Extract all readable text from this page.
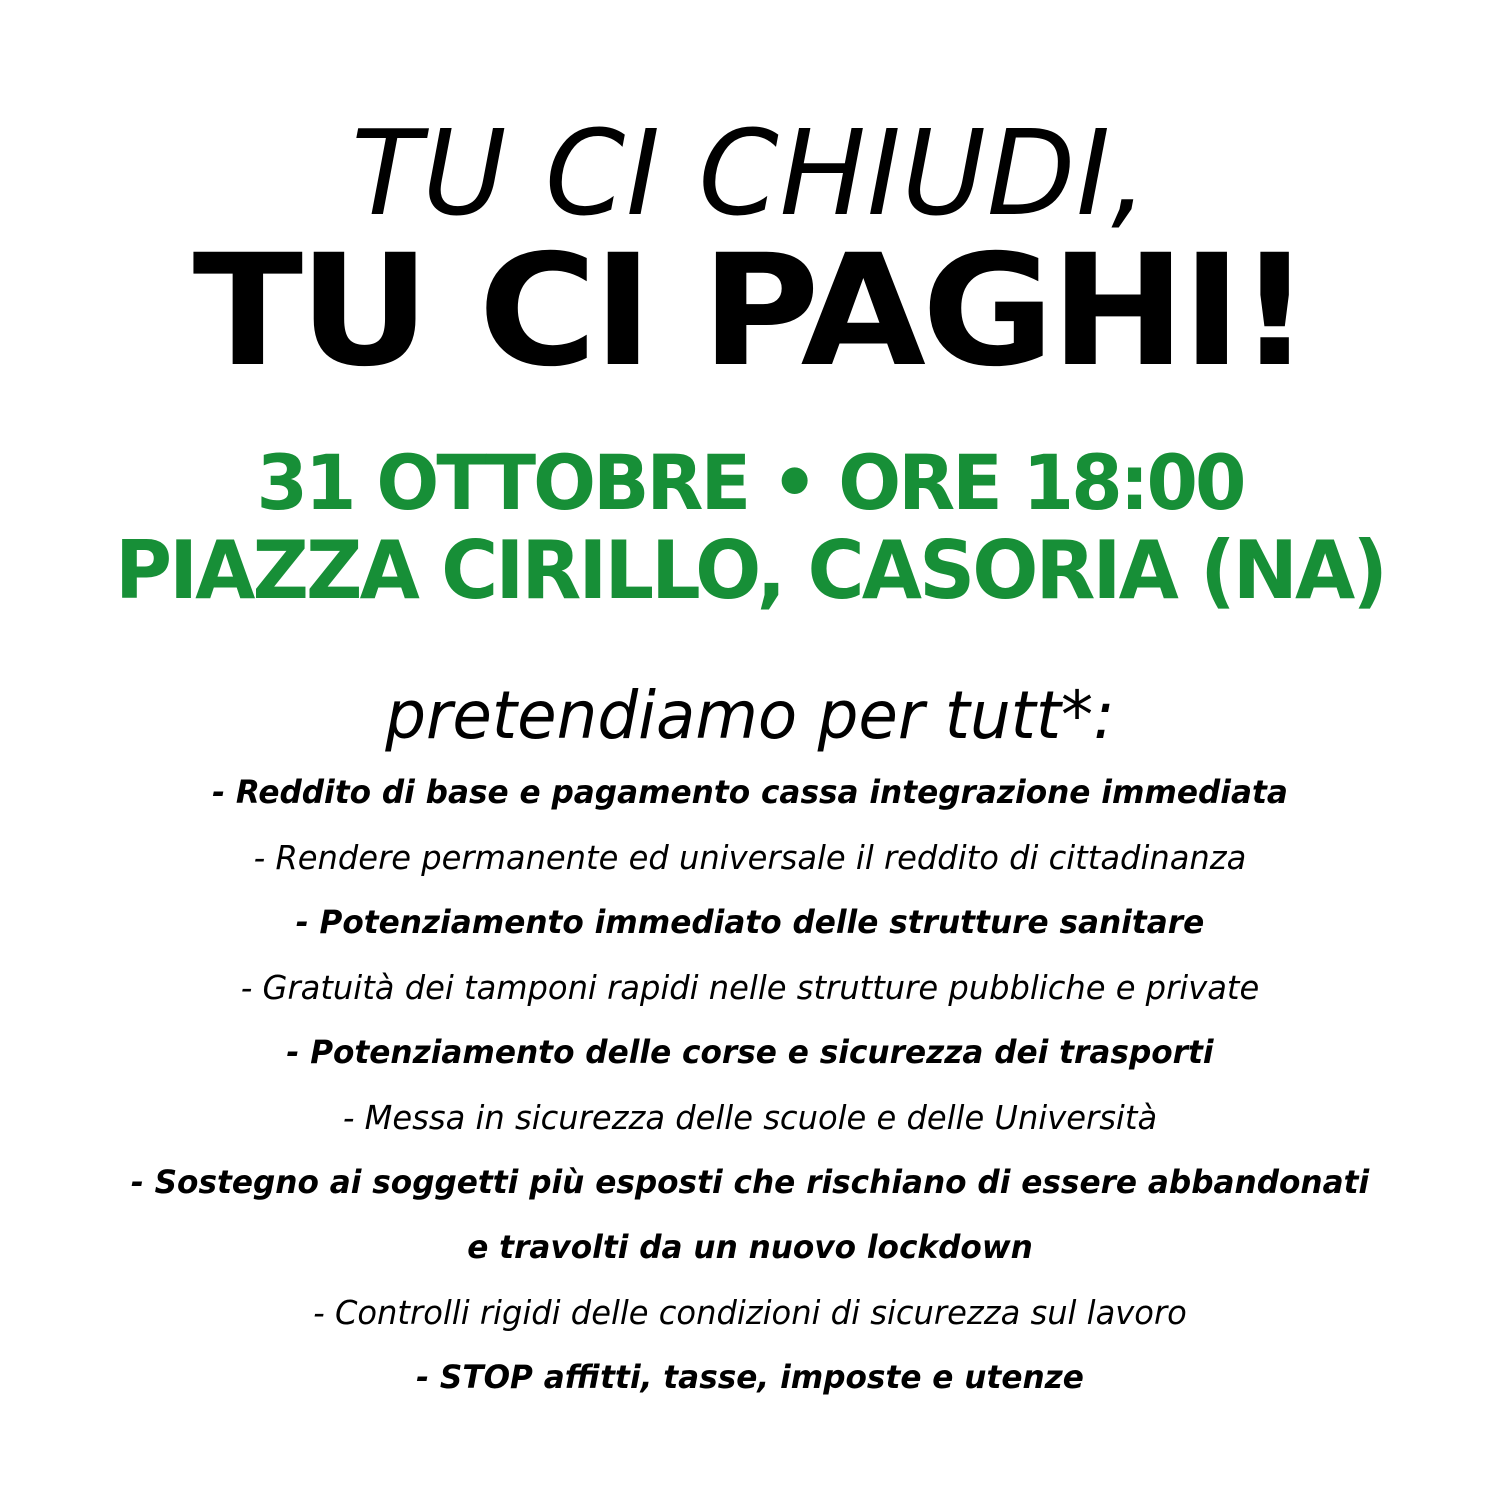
TU CI CHIUDI,
TU CI PAGHI!
31 OTTOBRE • ORE 18:00
PIAZZA CIRILLO, CASORIA (NA)
pretendiamo per tutt*:
- Reddito di base e pagamento cassa integrazione immediata
- Rendere permanente ed universale il reddito di cittadinanza
- Potenziamento immediato delle strutture sanitare
- Gratuità dei tamponi rapidi nelle strutture pubbliche e private
- Potenziamento delle corse e sicurezza dei trasporti
- Messa in sicurezza delle scuole e delle Università
- Sostegno ai soggetti più esposti che rischiano di essere abbandonati
e travolti da un nuovo lockdown
- Controlli rigidi delle condizioni di sicurezza sul lavoro
- STOP affitti, tasse, imposte e utenze
